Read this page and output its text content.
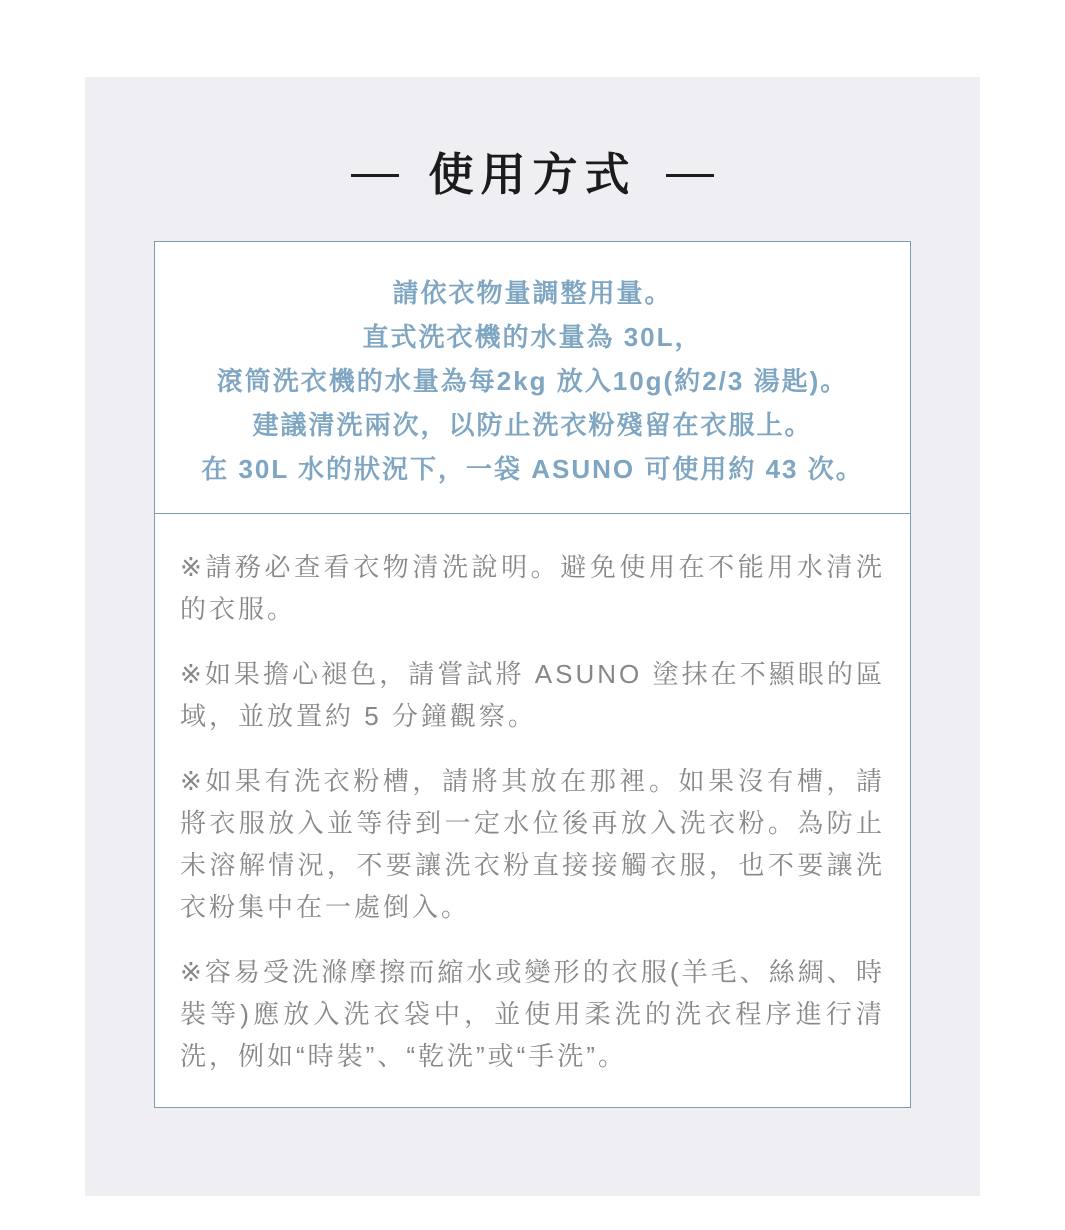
使用方式

請依衣物量調整用量。

直式洗衣機的水量為 30L，

滾筒洗衣機的水量為每2kg 放入10g(約2/3 湯匙)。

建議清洗兩次，以防止洗衣粉殘留在衣服上。

在 30L 水的狀況下，一袋 ASUNO 可使用約 43 次。

※請務必查看衣物清洗說明。避免使用在不能用水清洗的衣服。

※如果擔心褪色，請嘗試將 ASUNO 塗抹在不顯眼的區域，並放置約 5 分鐘觀察。

※如果有洗衣粉槽，請將其放在那裡。如果沒有槽，請將衣服放入並等待到一定水位後再放入洗衣粉。為防止未溶解情況，不要讓洗衣粉直接接觸衣服，也不要讓洗衣粉集中在一處倒入。

※容易受洗滌摩擦而縮水或變形的衣服(羊毛、絲綢、時裝等)應放入洗衣袋中，並使用柔洗的洗衣程序進行清洗，例如“時裝”、“乾洗”或“手洗”。
